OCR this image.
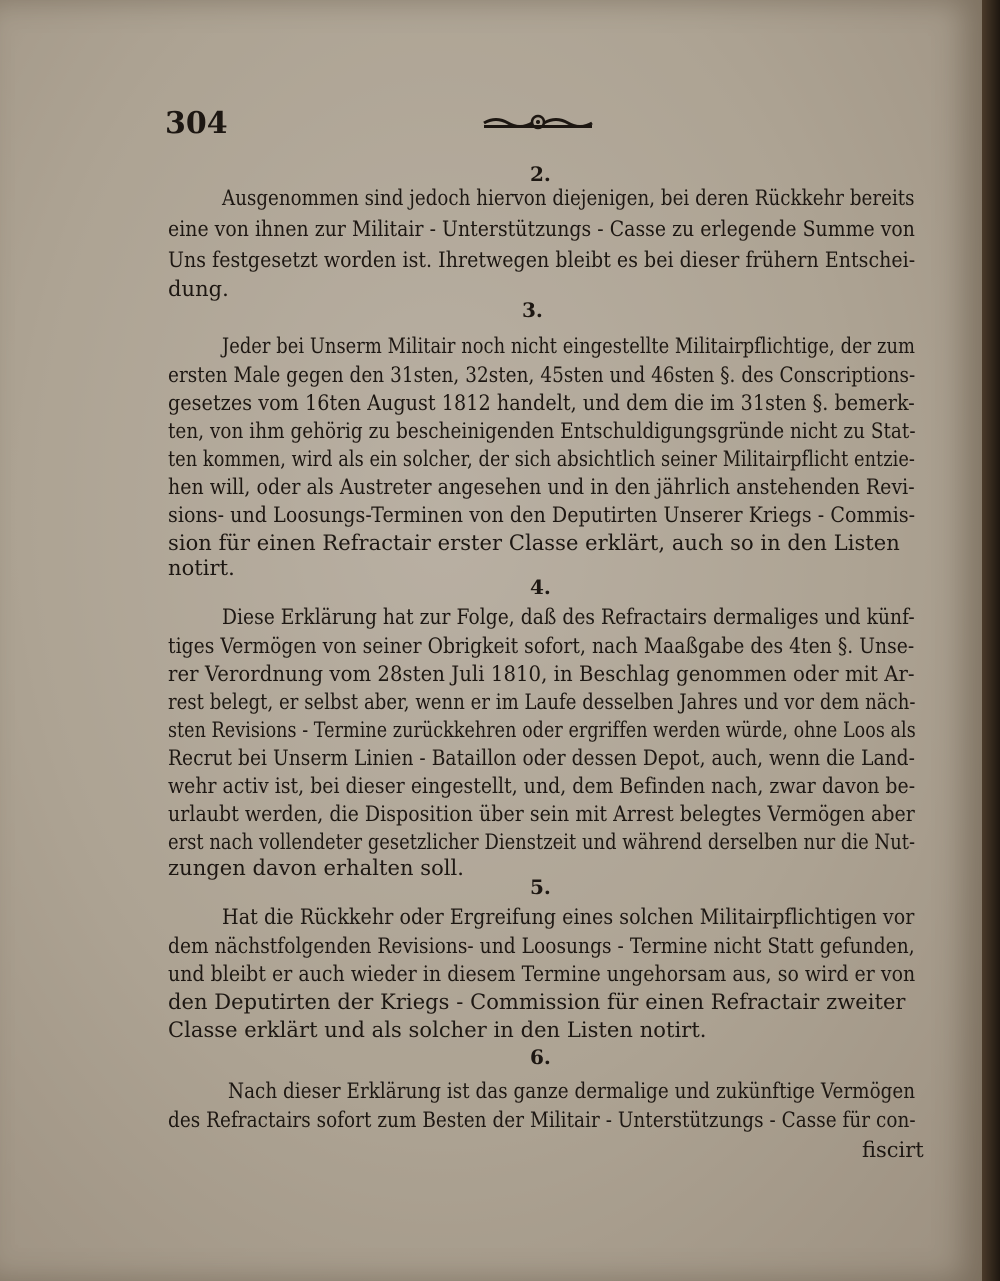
304
2.
Ausgenommen sind jedoch hiervon diejenigen, bei deren Rückkehr bereits
eine von ihnen zur Militair - Unterstützungs - Casse zu erlegende Summe von
Uns festgesetzt worden ist. Ihretwegen bleibt es bei dieser frühern Entschei-
dung.
3.
Jeder bei Unserm Militair noch nicht eingestellte Militairpflichtige, der zum
ersten Male gegen den 31sten, 32sten, 45sten und 46sten §. des Conscriptions-
gesetzes vom 16ten August 1812 handelt, und dem die im 31sten §. bemerk-
ten, von ihm gehörig zu bescheinigenden Entschuldigungsgründe nicht zu Stat-
ten kommen, wird als ein solcher, der sich absichtlich seiner Militairpflicht entzie-
hen will, oder als Austreter angesehen und in den jährlich anstehenden Revi-
sions- und Loosungs-Terminen von den Deputirten Unserer Kriegs - Commis-
sion für einen Refractair erster Classe erklärt, auch so in den Listen
notirt.
4.
Diese Erklärung hat zur Folge, daß des Refractairs dermaliges und künf-
tiges Vermögen von seiner Obrigkeit sofort, nach Maaßgabe des 4ten §. Unse-
rer Verordnung vom 28sten Juli 1810, in Beschlag genommen oder mit Ar-
rest belegt, er selbst aber, wenn er im Laufe desselben Jahres und vor dem näch-
sten Revisions - Termine zurückkehren oder ergriffen werden würde, ohne Loos als
Recrut bei Unserm Linien - Bataillon oder dessen Depot, auch, wenn die Land-
wehr activ ist, bei dieser eingestellt, und, dem Befinden nach, zwar davon be-
urlaubt werden, die Disposition über sein mit Arrest belegtes Vermögen aber
erst nach vollendeter gesetzlicher Dienstzeit und während derselben nur die Nut-
zungen davon erhalten soll.
5.
Hat die Rückkehr oder Ergreifung eines solchen Militairpflichtigen vor
dem nächstfolgenden Revisions- und Loosungs - Termine nicht Statt gefunden,
und bleibt er auch wieder in diesem Termine ungehorsam aus, so wird er von
den Deputirten der Kriegs - Commission für einen Refractair zweiter
Classe erklärt und als solcher in den Listen notirt.
6.
Nach dieser Erklärung ist das ganze dermalige und zukünftige Vermögen
des Refractairs sofort zum Besten der Militair - Unterstützungs - Casse für con-
fiscirt
